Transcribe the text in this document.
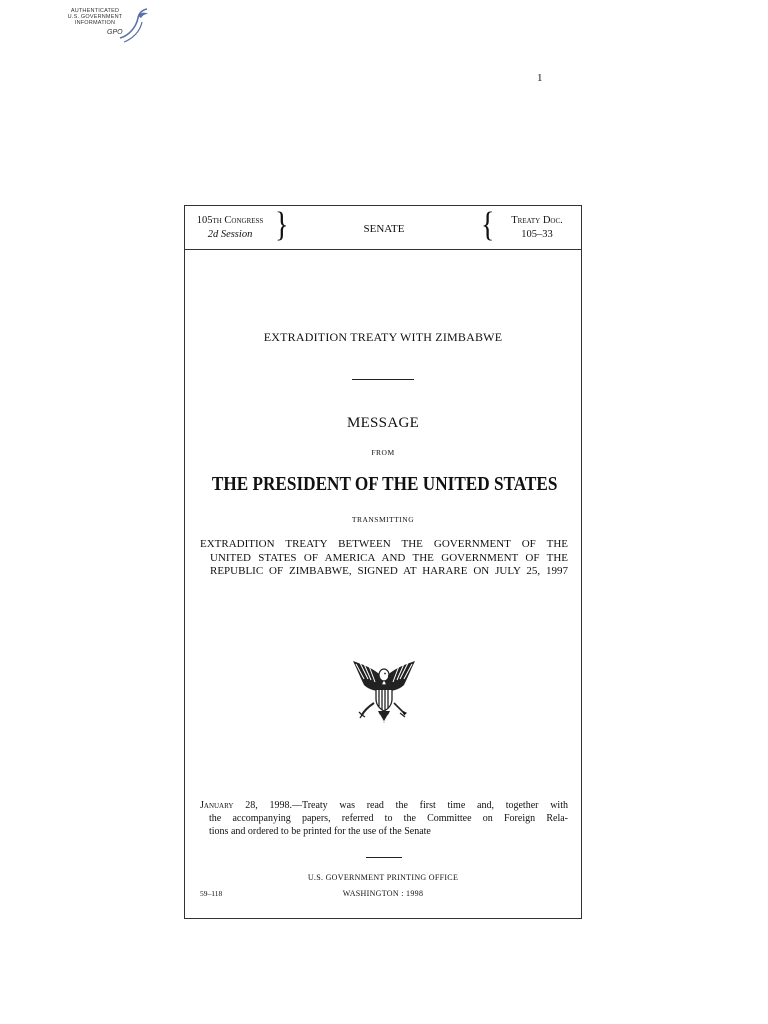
AUTHENTICATED
U.S. GOVERNMENT
INFORMATION
GPO
1
105th Congress
2d Session }	SENATE	{	Treaty Doc.
105–33
EXTRADITION TREATY WITH ZIMBABWE
MESSAGE
FROM
THE PRESIDENT OF THE UNITED STATES
TRANSMITTING
EXTRADITION TREATY BETWEEN THE GOVERNMENT OF THE
UNITED STATES OF AMERICA AND THE GOVERNMENT OF THE
REPUBLIC OF ZIMBABWE, SIGNED AT HARARE ON JULY 25, 1997
January 28, 1998.—Treaty was read the first time and, together with
the accompanying papers, referred to the Committee on Foreign Rela-
tions and ordered to be printed for the use of the Senate
U.S. GOVERNMENT PRINTING OFFICE
59–118	WASHINGTON : 1998
